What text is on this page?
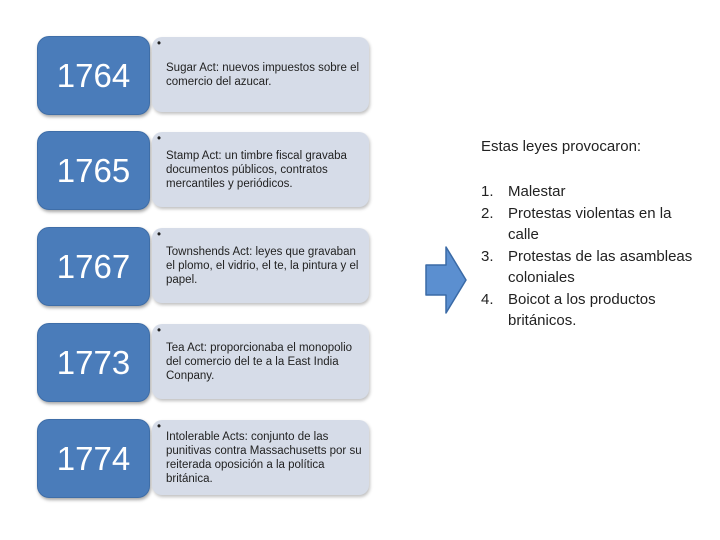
1764
•
Sugar Act: nuevos impuestos sobre el comercio del azucar.
1765
•
Stamp Act: un timbre fiscal gravaba documentos públicos, contratos mercantiles y periódicos.
1767
•
Townshends Act: leyes que gravaban el plomo, el vidrio, el te, la pintura y el papel.
1773
•
Tea Act: proporcionaba el monopolio del comercio del te a la East India Conpany.
1774
•
Intolerable Acts: conjunto de las punitivas contra Massachusetts por su reiterada oposición a la política británica.
Estas leyes provocaron:
1. Malestar
2. Protestas violentas en la calle
3. Protestas de las asambleas coloniales
4. Boicot a los productos británicos.
